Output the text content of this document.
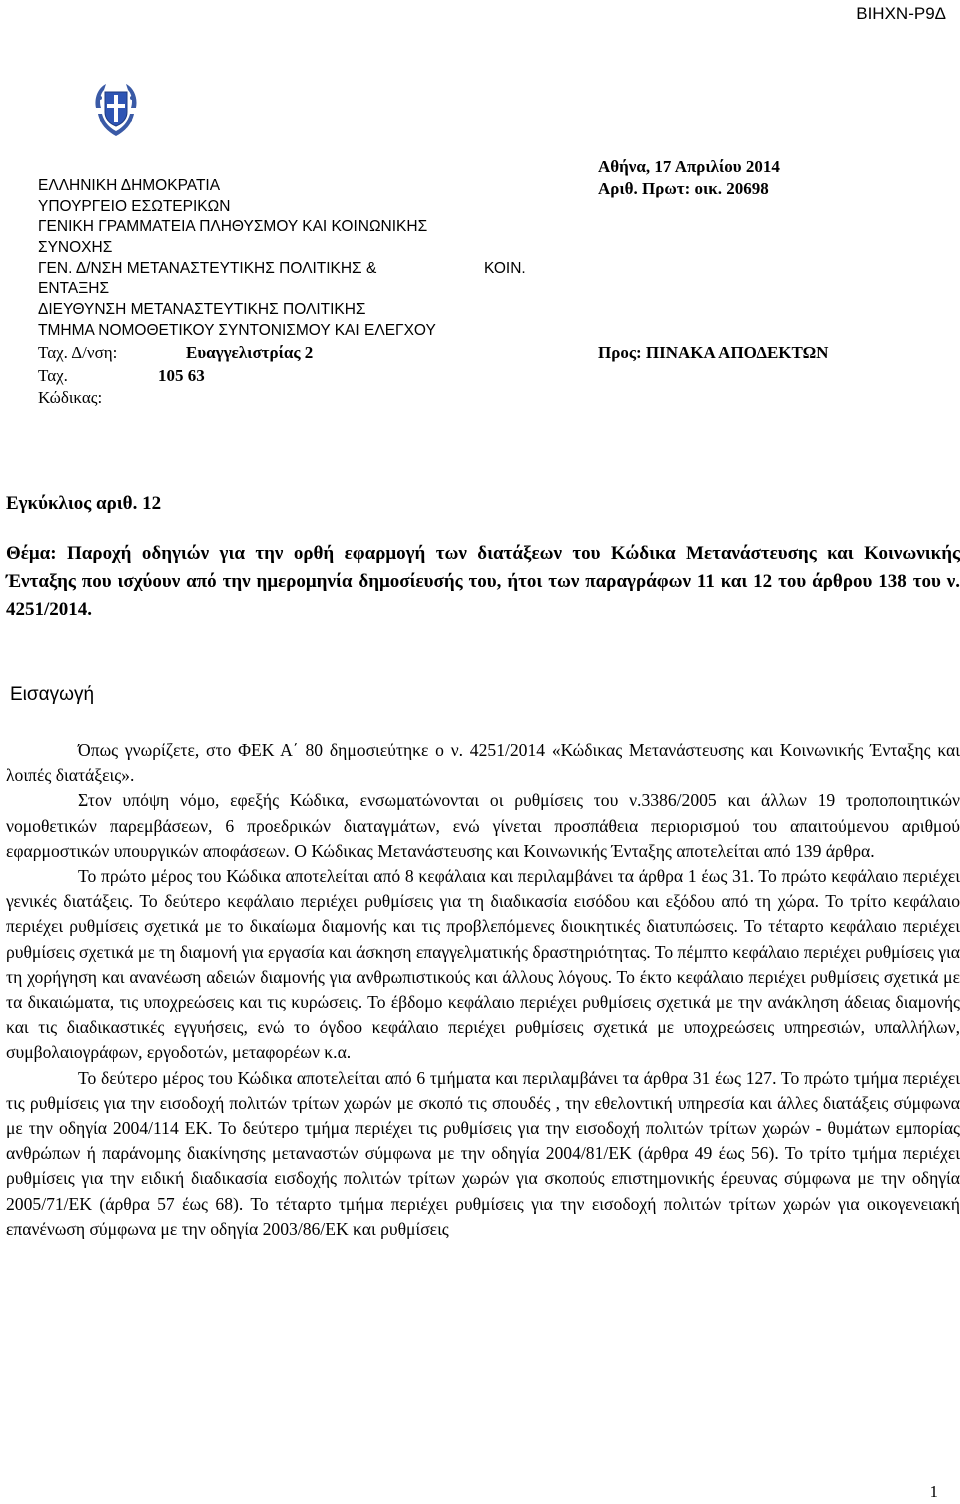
ΒΙΗΧΝ-Ρ9Δ
ΕΛΛΗΝΙΚΗ ΔΗΜΟΚΡΑΤΙΑ
ΥΠΟΥΡΓΕΙΟ ΕΣΩΤΕΡΙΚΩΝ
ΓΕΝΙΚΗ ΓΡΑΜΜΑΤΕΙΑ ΠΛΗΘΥΣΜΟΥ ΚΑΙ ΚΟΙΝΩΝΙΚΗΣ
ΣΥΝΟΧΗΣ
ΓΕΝ. Δ/ΝΣΗ ΜΕΤΑΝΑΣΤΕΥΤΙΚΗΣ ΠΟΛΙΤΙΚΗΣ &	ΚΟΙΝ.
ΕΝΤΑΞΗΣ
ΔΙΕΥΘΥΝΣΗ ΜΕΤΑΝΑΣΤΕΥΤΙΚΗΣ ΠΟΛΙΤΙΚΗΣ
ΤΜΗΜΑ ΝΟΜΟΘΕΤΙΚΟΥ ΣΥΝΤΟΝΙΣΜΟΥ ΚΑΙ ΕΛΕΓΧΟΥ
Ταχ. Δ/νση:	Ευαγγελιστρίας 2
Ταχ.	105 63
Κώδικας:
Αθήνα, 17 Απριλίου 2014
Αριθ. Πρωτ: οικ. 20698
Προς: ΠΙΝΑΚΑ ΑΠΟΔΕΚΤΩΝ
Εγκύκλιος αριθ. 12
Θέμα: Παροχή οδηγιών για την ορθή εφαρμογή των διατάξεων του Κώδικα Μετανάστευσης και Κοινωνικής Ένταξης που ισχύουν από την ημερομηνία δημοσίευσής του, ήτοι των παραγράφων 11 και 12 του άρθρου 138 του ν. 4251/2014.
Εισαγωγή

Όπως γνωρίζετε, στο ΦΕΚ Α΄ 80 δημοσιεύτηκε ο ν. 4251/2014 «Κώδικας Μετανάστευσης και Κοινωνικής Ένταξης και λοιπές διατάξεις».

Στον υπόψη νόμο, εφεξής Κώδικα, ενσωματώνονται οι ρυθμίσεις του ν.3386/2005 και άλλων 19 τροποποιητικών νομοθετικών παρεμβάσεων, 6 προεδρικών διαταγμάτων, ενώ γίνεται προσπάθεια περιορισμού του απαιτούμενου αριθμού εφαρμοστικών υπουργικών αποφάσεων. Ο Κώδικας Μετανάστευσης και Κοινωνικής Ένταξης αποτελείται από 139 άρθρα.

Το πρώτο μέρος του Κώδικα αποτελείται από 8 κεφάλαια και περιλαμβάνει τα άρθρα 1 έως 31. Το πρώτο κεφάλαιο περιέχει γενικές διατάξεις. Το δεύτερο κεφάλαιο περιέχει ρυθμίσεις για τη διαδικασία εισόδου και εξόδου από τη χώρα. Το τρίτο κεφάλαιο περιέχει ρυθμίσεις σχετικά με το δικαίωμα διαμονής και τις προβλεπόμενες διοικητικές διατυπώσεις. Το τέταρτο κεφάλαιο περιέχει ρυθμίσεις σχετικά με τη διαμονή για εργασία και άσκηση επαγγελματικής δραστηριότητας. Το πέμπτο κεφάλαιο περιέχει ρυθμίσεις για τη χορήγηση και ανανέωση αδειών διαμονής για ανθρωπιστικούς και άλλους λόγους. Το έκτο κεφάλαιο περιέχει ρυθμίσεις σχετικά με τα δικαιώματα, τις υποχρεώσεις και τις κυρώσεις. Το έβδομο κεφάλαιο περιέχει ρυθμίσεις σχετικά με την ανάκληση άδειας διαμονής και τις διαδικαστικές εγγυήσεις, ενώ το όγδοο κεφάλαιο περιέχει ρυθμίσεις σχετικά με υποχρεώσεις υπηρεσιών, υπαλλήλων, συμβολαιογράφων, εργοδοτών, μεταφορέων κ.α.

Το δεύτερο μέρος του Κώδικα αποτελείται από 6 τμήματα και περιλαμβάνει τα άρθρα 31 έως 127. Το πρώτο τμήμα περιέχει τις ρυθμίσεις για την εισοδοχή πολιτών τρίτων χωρών με σκοπό τις σπουδές , την εθελοντική υπηρεσία και άλλες διατάξεις σύμφωνα με την οδηγία 2004/114 ΕΚ. Το δεύτερο τμήμα περιέχει τις ρυθμίσεις για την εισοδοχή πολιτών τρίτων χωρών - θυμάτων εμπορίας ανθρώπων ή παράνομης διακίνησης μεταναστών σύμφωνα με την οδηγία 2004/81/ΕΚ (άρθρα 49 έως 56). Το τρίτο τμήμα περιέχει ρυθμίσεις για την ειδική διαδικασία εισδοχής πολιτών τρίτων χωρών για σκοπούς επιστημονικής έρευνας σύμφωνα με την οδηγία 2005/71/ΕΚ (άρθρα 57 έως 68). Το τέταρτο τμήμα περιέχει ρυθμίσεις για την εισοδοχή πολιτών τρίτων χωρών για οικογενειακή επανένωση σύμφωνα με την οδηγία 2003/86/ΕΚ και ρυθμίσεις

1
